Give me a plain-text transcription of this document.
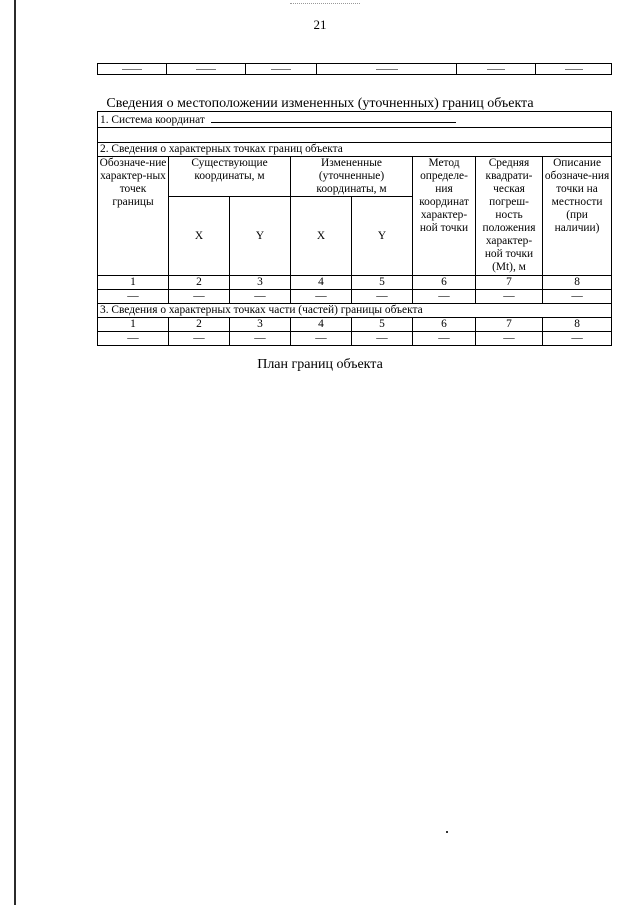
21

Сведения о местоположении измененных (уточненных) границ объекта
1. Система координат							

2. Сведения о характерных точках границ объекта							
Обозначе-ние характер-ных точек границы	Существующие координаты, м		Измененные (уточненные) координаты, м		Метод определе-ния координат характер-ной точки	Средняя квадрати-ческая погреш-ность положения характер-ной точки (Mt), м	Описание обозначе-ния точки на местности (при наличии)
	X	Y	X	Y			
1	2	3	4	5	6	7	8
—	—	—	—	—	—	—	—
3. Сведения о характерных точках части (частей) границы объекта							
1	2	3	4	5	6	7	8
—	—	—	—	—	—	—	—
План границ объекта
